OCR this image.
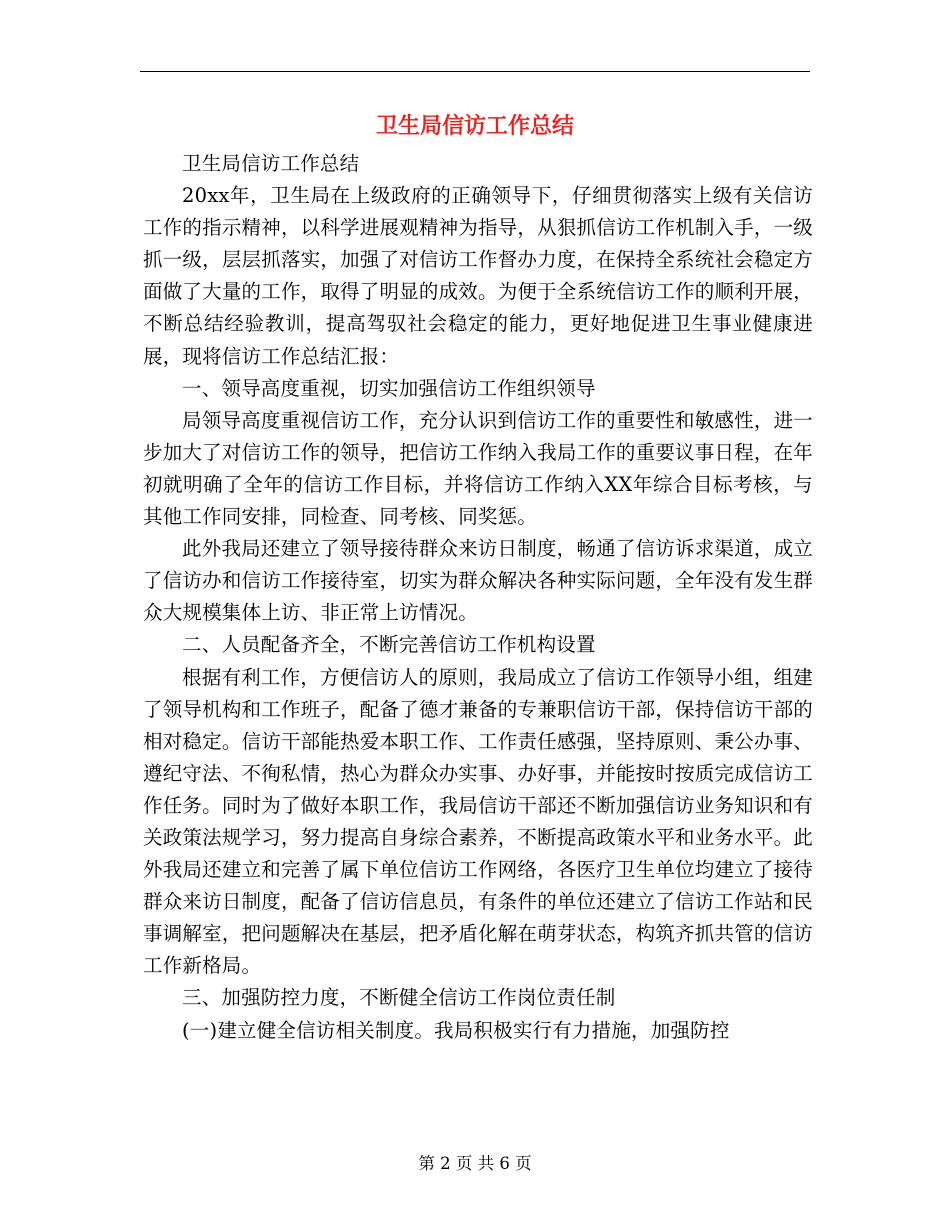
卫生局信访工作总结

卫生局信访工作总结

20xx年，卫生局在上级政府的正确领导下，仔细贯彻落实上级有关信访工作的指示精神，以科学进展观精神为指导，从狠抓信访工作机制入手，一级抓一级，层层抓落实，加强了对信访工作督办力度，在保持全系统社会稳定方面做了大量的工作，取得了明显的成效。为便于全系统信访工作的顺利开展，不断总结经验教训，提高驾驭社会稳定的能力，更好地促进卫生事业健康进展，现将信访工作总结汇报：

一、领导高度重视，切实加强信访工作组织领导

局领导高度重视信访工作，充分认识到信访工作的重要性和敏感性，进一步加大了对信访工作的领导，把信访工作纳入我局工作的重要议事日程，在年初就明确了全年的信访工作目标，并将信访工作纳入XX年综合目标考核，与其他工作同安排，同检查、同考核、同奖惩。

此外我局还建立了领导接待群众来访日制度，畅通了信访诉求渠道，成立了信访办和信访工作接待室，切实为群众解决各种实际问题，全年没有发生群众大规模集体上访、非正常上访情况。

二、人员配备齐全，不断完善信访工作机构设置

根据有利工作，方便信访人的原则，我局成立了信访工作领导小组，组建了领导机构和工作班子，配备了德才兼备的专兼职信访干部，保持信访干部的相对稳定。信访干部能热爱本职工作、工作责任感强，坚持原则、秉公办事、遵纪守法、不徇私情，热心为群众办实事、办好事，并能按时按质完成信访工作任务。同时为了做好本职工作，我局信访干部还不断加强信访业务知识和有关政策法规学习，努力提高自身综合素养，不断提高政策水平和业务水平。此外我局还建立和完善了属下单位信访工作网络，各医疗卫生单位均建立了接待群众来访日制度，配备了信访信息员，有条件的单位还建立了信访工作站和民事调解室，把问题解决在基层，把矛盾化解在萌芽状态，构筑齐抓共管的信访工作新格局。

三、加强防控力度，不断健全信访工作岗位责任制

(一)建立健全信访相关制度。我局积极实行有力措施，加强防控

第 2 页 共 6 页
